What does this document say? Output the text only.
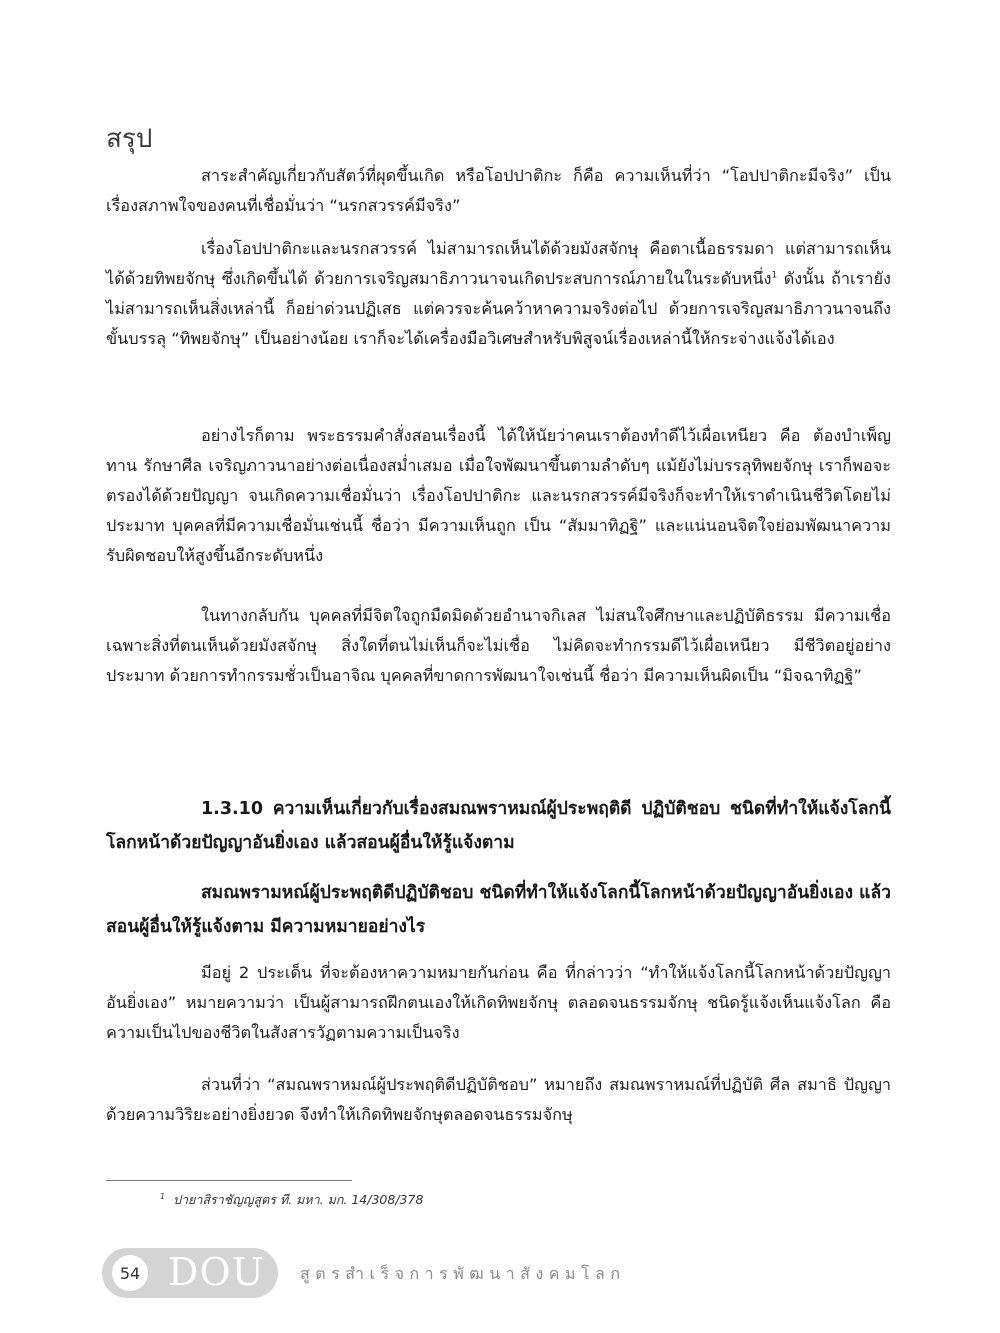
สรุป

สาระสำคัญเกี่ยวกับสัตว์ที่ผุดขึ้นเกิด หรือโอปปาติกะ ก็คือ ความเห็นที่ว่า “โอปปาติกะมีจริง” เป็นเรื่องสภาพใจของคนที่เชื่อมั่นว่า “นรกสวรรค์มีจริง”

เรื่องโอปปาติกะและนรกสวรรค์ ไม่สามารถเห็นได้ด้วยมังสจักษุ คือตาเนื้อธรรมดา แต่สามารถเห็นได้ด้วยทิพยจักษุ ซึ่งเกิดขึ้นได้ ด้วยการเจริญสมาธิภาวนาจนเกิดประสบการณ์ภายในในระดับหนึ่ง$^1$ ดังนั้น ถ้าเรายังไม่สามารถเห็นสิ่งเหล่านี้ ก็อย่าด่วนปฏิเสธ แต่ควรจะค้นคว้าหาความจริงต่อไป ด้วยการเจริญสมาธิภาวนาจนถึงขั้นบรรลุ “ทิพยจักษุ” เป็นอย่างน้อย เราก็จะได้เครื่องมือวิเศษสำหรับพิสูจน์เรื่องเหล่านี้ให้กระจ่างแจ้งได้เอง

อย่างไรก็ตาม พระธรรมคำสั่งสอนเรื่องนี้ ได้ให้นัยว่าคนเราต้องทำดีไว้เผื่อเหนียว คือ ต้องบำเพ็ญทาน รักษาศีล เจริญภาวนาอย่างต่อเนื่องสม่ำเสมอ เมื่อใจพัฒนาขึ้นตามลำดับๆ แม้ยังไม่บรรลุทิพยจักษุ เราก็พอจะตรองได้ด้วยปัญญา จนเกิดความเชื่อมั่นว่า เรื่องโอปปาติกะ และนรกสวรรค์มีจริงก็จะทำให้เราดำเนินชีวิตโดยไม่ประมาท บุคคลที่มีความเชื่อมั่นเช่นนี้ ชื่อว่า มีความเห็นถูก เป็น “สัมมาทิฏฐิ” และแน่นอนจิตใจย่อมพัฒนาความรับผิดชอบให้สูงขึ้นอีกระดับหนึ่ง

ในทางกลับกัน บุคคลที่มีจิตใจถูกมืดมิดด้วยอำนาจกิเลส ไม่สนใจศึกษาและปฏิบัติธรรม มีความเชื่อเฉพาะสิ่งที่ตนเห็นด้วยมังสจักษุ สิ่งใดที่ตนไม่เห็นก็จะไม่เชื่อ ไม่คิดจะทำกรรมดีไว้เผื่อเหนียว มีชีวิตอยู่อย่างประมาท ด้วยการทำกรรมชั่วเป็นอาจิณ บุคคลที่ขาดการพัฒนาใจเช่นนี้ ชื่อว่า มีความเห็นผิดเป็น “มิจฉาทิฏฐิ”

1.3.10 ความเห็นเกี่ยวกับเรื่องสมณพราหมณ์ผู้ประพฤติดี ปฏิบัติชอบ ชนิดที่ทำให้แจ้งโลกนี้โลกหน้าด้วยปัญญาอันยิ่งเอง แล้วสอนผู้อื่นให้รู้แจ้งตาม

สมณพรามหณ์ผู้ประพฤติดีปฏิบัติชอบ ชนิดที่ทำให้แจ้งโลกนี้โลกหน้าด้วยปัญญาอันยิ่งเอง แล้วสอนผู้อื่นให้รู้แจ้งตาม มีความหมายอย่างไร

มีอยู่ 2 ประเด็น ที่จะต้องหาความหมายกันก่อน คือ ที่กล่าวว่า “ทำให้แจ้งโลกนี้โลกหน้าด้วยปัญญาอันยิ่งเอง” หมายความว่า เป็นผู้สามารถฝึกตนเองให้เกิดทิพยจักษุ ตลอดจนธรรมจักษุ ชนิดรู้แจ้งเห็นแจ้งโลก คือความเป็นไปของชีวิตในสังสารวัฏตามความเป็นจริง

ส่วนที่ว่า “สมณพราหมณ์ผู้ประพฤติดีปฏิบัติชอบ” หมายถึง สมณพราหมณ์ที่ปฏิบัติ ศีล สมาธิ ปัญญา ด้วยความวิริยะอย่างยิ่งยวด จึงทำให้เกิดทิพยจักษุตลอดจนธรรมจักษุ

$^1$ ปายาสิราชัญญสูตร ที. มหา. มก. 14/308/378
54 DOU สูตรสำเร็จการพัฒนาสังคมโลก
